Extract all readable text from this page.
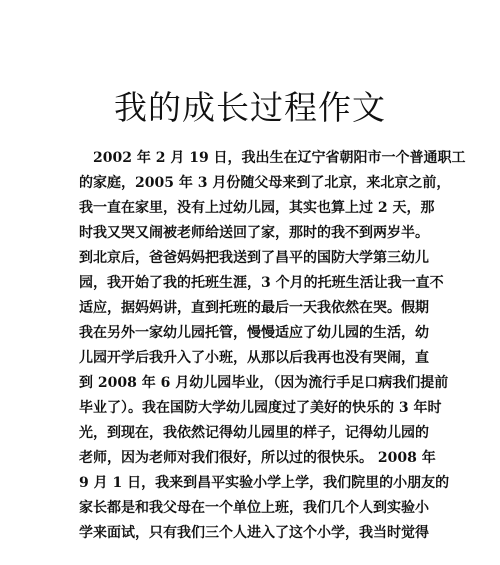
我的成长过程作文
2002 年 2 月 19 日，我出生在辽宁省朝阳市一个普通职工
的家庭，2005 年 3 月份随父母来到了北京，来北京之前，
我一直在家里，没有上过幼儿园，其实也算上过 2 天，那
时我又哭又闹被老师给送回了家，那时的我不到两岁半。
到北京后，爸爸妈妈把我送到了昌平的国防大学第三幼儿
园，我开始了我的托班生涯，3 个月的托班生活让我一直不
适应，据妈妈讲，直到托班的最后一天我依然在哭。假期
我在另外一家幼儿园托管，慢慢适应了幼儿园的生活，幼
儿园开学后我升入了小班，从那以后我再也没有哭闹，直
到 2008 年 6 月幼儿园毕业，（因为流行手足口病我们提前
毕业了）。我在国防大学幼儿园度过了美好的快乐的 3 年时
光，到现在，我依然记得幼儿园里的样子，记得幼儿园的
老师，因为老师对我们很好，所以过的很快乐。 2008 年
9 月 1 日，我来到昌平实验小学上学，我们院里的小朋友的
家长都是和我父母在一个单位上班，我们几个人到实验小
学来面试，只有我们三个人进入了这个小学，我当时觉得
